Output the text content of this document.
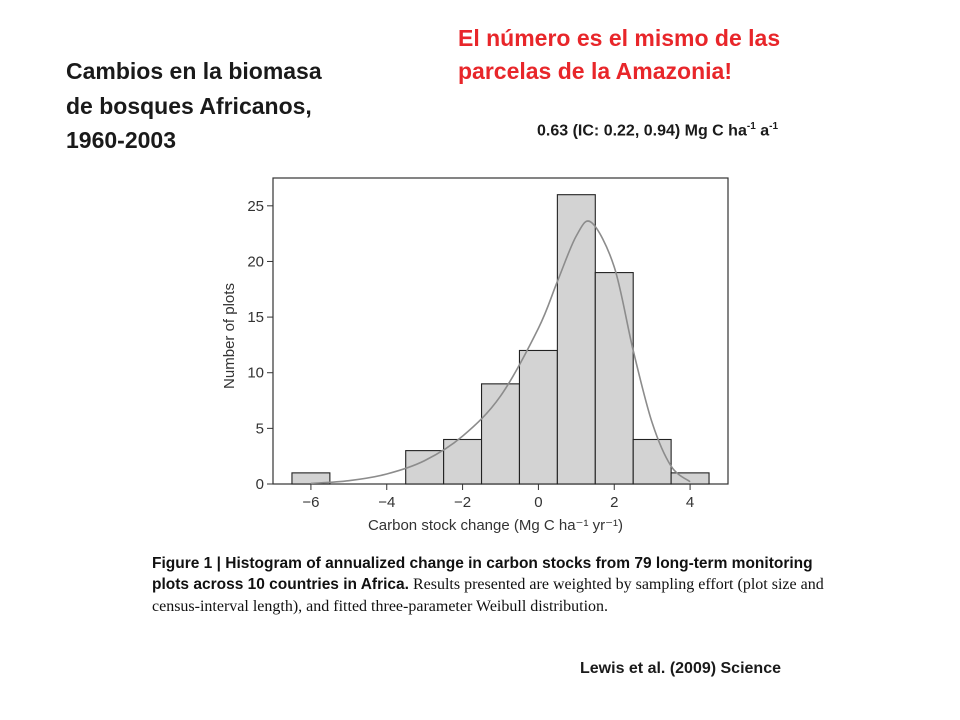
Cambios en la biomasa
de bosques Africanos,
1960-2003
El número es el mismo de las
parcelas de la Amazonia!
0.63 (IC: 0.22, 0.94) Mg C $ha^{-1}$ $a^{-1}$
−6	−4	−2	0	2	4
0
5
10
15
20
25
Carbon stock change (Mg C ha⁻¹ yr⁻¹)
Number of plots
Figure 1 | Histogram of annualized change in carbon stocks from 79 long-term monitoring plots across 10 countries in Africa. Results presented are weighted by sampling effort (plot size and census-interval length), and fitted three-parameter Weibull distribution.
Lewis et al. (2009) Science
